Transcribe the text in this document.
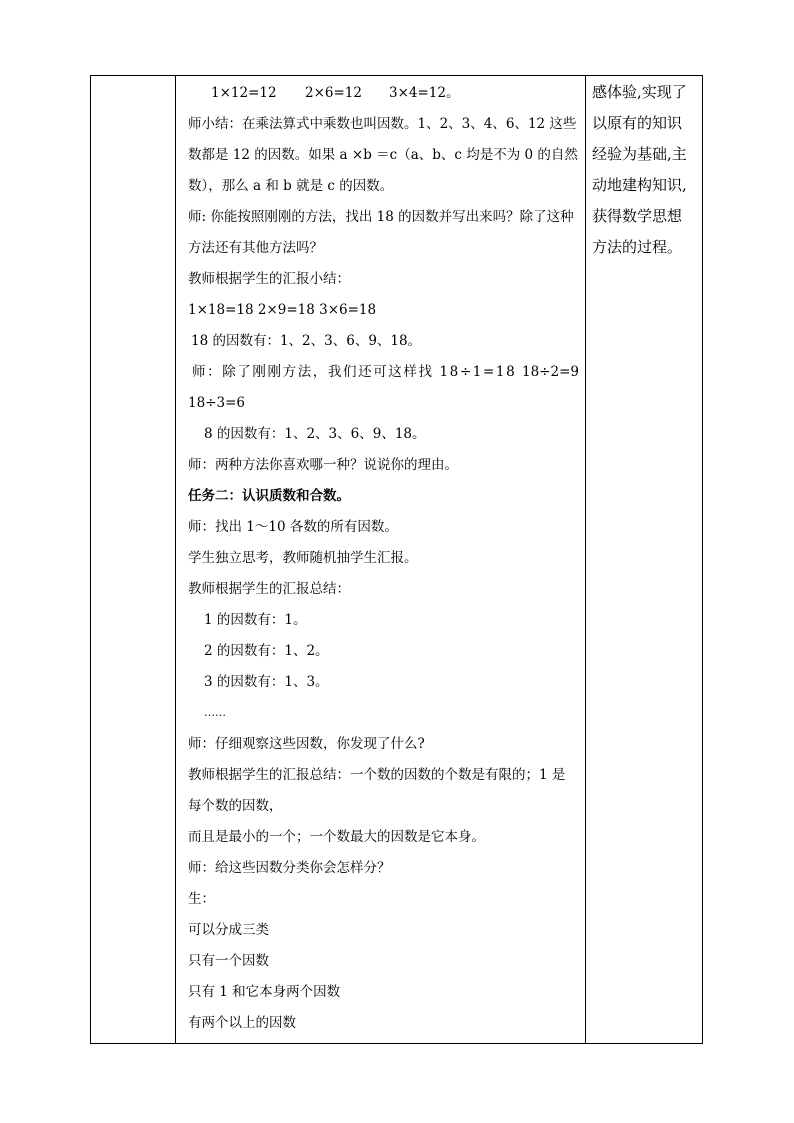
1×12=12 2×6=12 3×4=12。
师小结：在乘法算式中乘数也叫因数。1、2、3、4、6、12 这些
数都是 12 的因数。如果 a ×b ＝c（a、b、c 均是不为 0 的自然
数），那么 a 和 b 就是 c 的因数。
师: 你能按照刚刚的方法，找出 18 的因数并写出来吗？除了这种
方法还有其他方法吗？
教师根据学生的汇报小结：
1×18=18 2×9=18 3×6=18
18 的因数有：1、2、3、6、9、18。
师：除了刚刚方法，我们还可这样找 18÷1=18 18÷2=9
18÷3=6
8 的因数有：1、2、3、6、9、18。
师：两种方法你喜欢哪一种？说说你的理由。
任务二：认识质数和合数。
师：找出 1～10 各数的所有因数。
学生独立思考，教师随机抽学生汇报。
教师根据学生的汇报总结：
1 的因数有：1。
2 的因数有：1、2。
3 的因数有：1、3。
……
师：仔细观察这些因数，你发现了什么?
教师根据学生的汇报总结：一个数的因数的个数是有限的；1 是
每个数的因数，
而且是最小的一个；一个数最大的因数是它本身。
师：给这些因数分类你会怎样分？
生：
可以分成三类
只有一个因数
只有 1 和它本身两个因数
有两个以上的因数
感体验,实现了
以原有的知识
经验为基础,主
动地建构知识,
获得数学思想
方法的过程。
